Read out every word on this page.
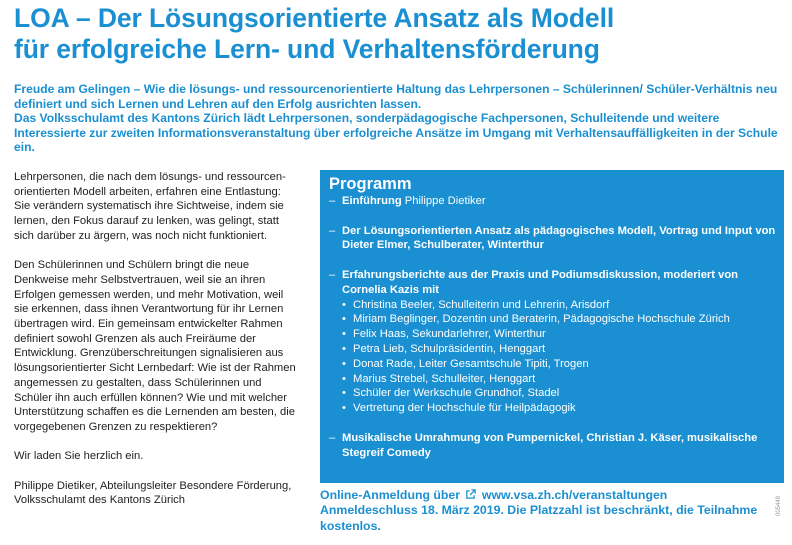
LOA – Der Lösungsorientierte Ansatz als Modell
für erfolgreiche Lern- und Verhaltensförderung

Freude am Gelingen – Wie die lösungs- und ressourcenorientierte Haltung das Lehrpersonen – Schülerinnen/ Schüler-Verhältnis neu definiert und sich Lernen und Lehren auf den Erfolg ausrichten lassen.

Das Volksschulamt des Kantons Zürich lädt Lehrpersonen, sonderpädagogische Fachpersonen, Schulleitende und weitere Interessierte zur zweiten Informationsveranstaltung über erfolgreiche Ansätze im Umgang mit Verhaltensauffälligkeiten in der Schule ein.

Lehrpersonen, die nach dem lösungs- und ressourcenorientierten Modell arbeiten, erfahren eine Entlastung: Sie verändern systematisch ihre Sichtweise, indem sie lernen, den Fokus darauf zu lenken, was gelingt, statt sich darüber zu ärgern, was noch nicht funktioniert.

Den Schülerinnen und Schülern bringt die neue Denkweise mehr Selbstvertrauen, weil sie an ihren Erfolgen gemessen werden, und mehr Motivation, weil sie erkennen, dass ihnen Verantwortung für ihr Lernen übertragen wird. Ein gemeinsam entwickelter Rahmen definiert sowohl Grenzen als auch Freiräume der Entwicklung. Grenzüberschreitungen signalisieren aus lösungsorientierter Sicht Lernbedarf: Wie ist der Rahmen angemessen zu gestalten, dass Schülerinnen und Schüler ihn auch erfüllen können? Wie und mit welcher Unterstützung schaffen es die Lernenden am besten, die vorgegebenen Grenzen zu respektieren?

Wir laden Sie herzlich ein.

Philippe Dietiker, Abteilungsleiter Besondere Förderung, Volksschulamt des Kantons Zürich

Programm
– Einführung Philippe Dietiker
– Der Lösungsorientierten Ansatz als pädagogisches Modell, Vortrag und Input von Dieter Elmer, Schulberater, Winterthur
– Erfahrungsberichte aus der Praxis und Podiumsdiskussion, moderiert von Cornelia Kazis mit
• Christina Beeler, Schulleiterin und Lehrerin, Arisdorf
• Miriam Beglinger, Dozentin und Beraterin, Pädagogische Hochschule Zürich
• Felix Haas, Sekundarlehrer, Winterthur
• Petra Lieb, Schulpräsidentin, Henggart
• Donat Rade, Leiter Gesamtschule Tipiti, Trogen
• Marius Strebel, Schulleiter, Henggart
• Schüler der Werkschule Grundhof, Stadel
• Vertretung der Hochschule für Heilpädagogik
– Musikalische Umrahmung von Pumpernickel, Christian J. Käser, musikalische Stegreif Comedy
Online-Anmeldung über www.vsa.zh.ch/veranstaltungen
Anmeldeschluss 18. März 2019. Die Platzzahl ist beschränkt, die Teilnahme kostenlos.
005448
